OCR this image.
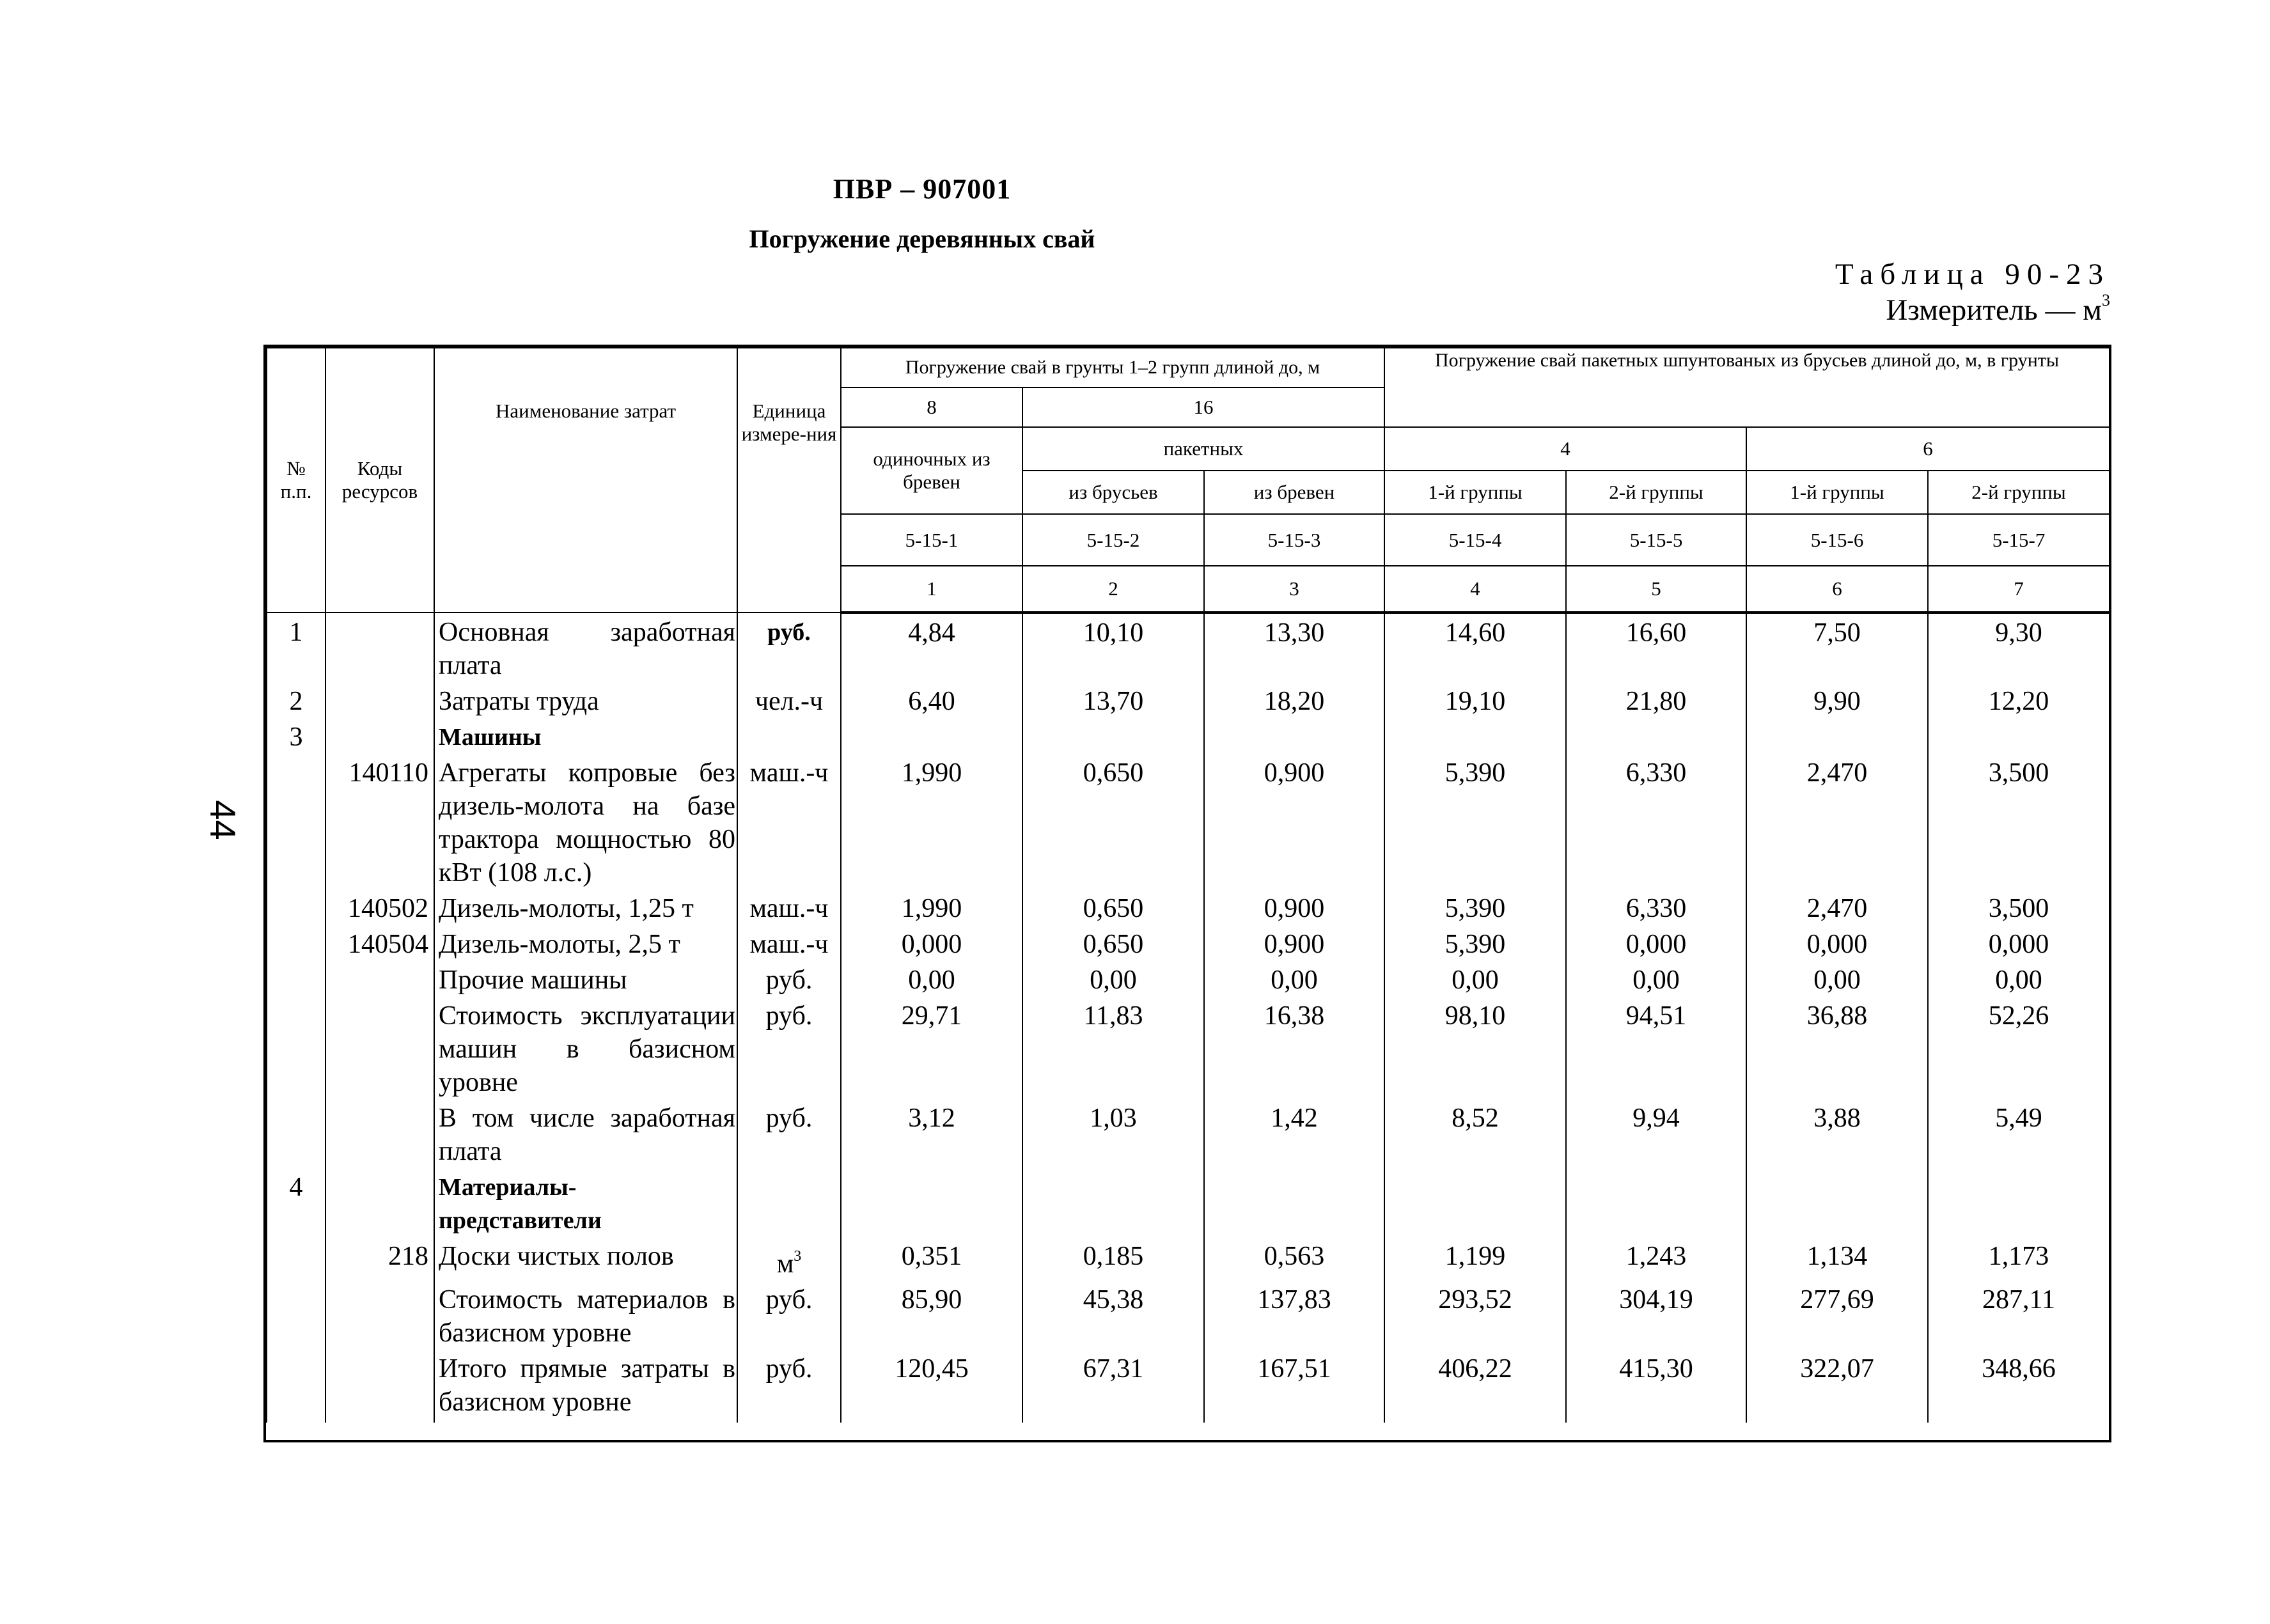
ПВР – 907001
Погружение деревянных свай
Таблица 90-23
Измеритель — $м^3$
44
№ п.п.	Коды ресурсов	Наименование затрат	Единица измере-ния	Погружение свай в грунты 1–2 групп длиной до, м			Погружение свай пакетных шпунтованых из брусьев длиной до, м, в грунты			
				8	16					
				одиночных из бревен	пакетных		4		6	
					из брусьев	из бревен	1-й группы	2-й группы	1-й группы	2-й группы
				5-15-1	5-15-2	5-15-3	5-15-4	5-15-5	5-15-6	5-15-7
				1	2	3	4	5	6	7
1		Основная заработная плата	руб.	4,84	10,10	13,30	14,60	16,60	7,50	9,30
2		Затраты труда	чел.-ч	6,40	13,70	18,20	19,10	21,80	9,90	12,20
3		Машины								
	140110	Агрегаты копровые без дизель-молота на базе трактора мощностью 80 кВт (108 л.с.)	маш.-ч	1,990	0,650	0,900	5,390	6,330	2,470	3,500
	140502	Дизель-молоты, 1,25 т	маш.-ч	1,990	0,650	0,900	5,390	6,330	2,470	3,500
	140504	Дизель-молоты, 2,5 т	маш.-ч	0,000	0,650	0,900	5,390	0,000	0,000	0,000
		Прочие машины	руб.	0,00	0,00	0,00	0,00	0,00	0,00	0,00
		Стоимость эксплуатации машин в базисном уровне	руб.	29,71	11,83	16,38	98,10	94,51	36,88	52,26
		В том числе заработная плата	руб.	3,12	1,03	1,42	8,52	9,94	3,88	5,49
4		Материалы-представители								
	218	Доски чистых полов	$м^3$	0,351	0,185	0,563	1,199	1,243	1,134	1,173
		Стоимость материалов в базисном уровне	руб.	85,90	45,38	137,83	293,52	304,19	277,69	287,11
		Итого прямые затраты в базисном уровне	руб.	120,45	67,31	167,51	406,22	415,30	322,07	348,66
